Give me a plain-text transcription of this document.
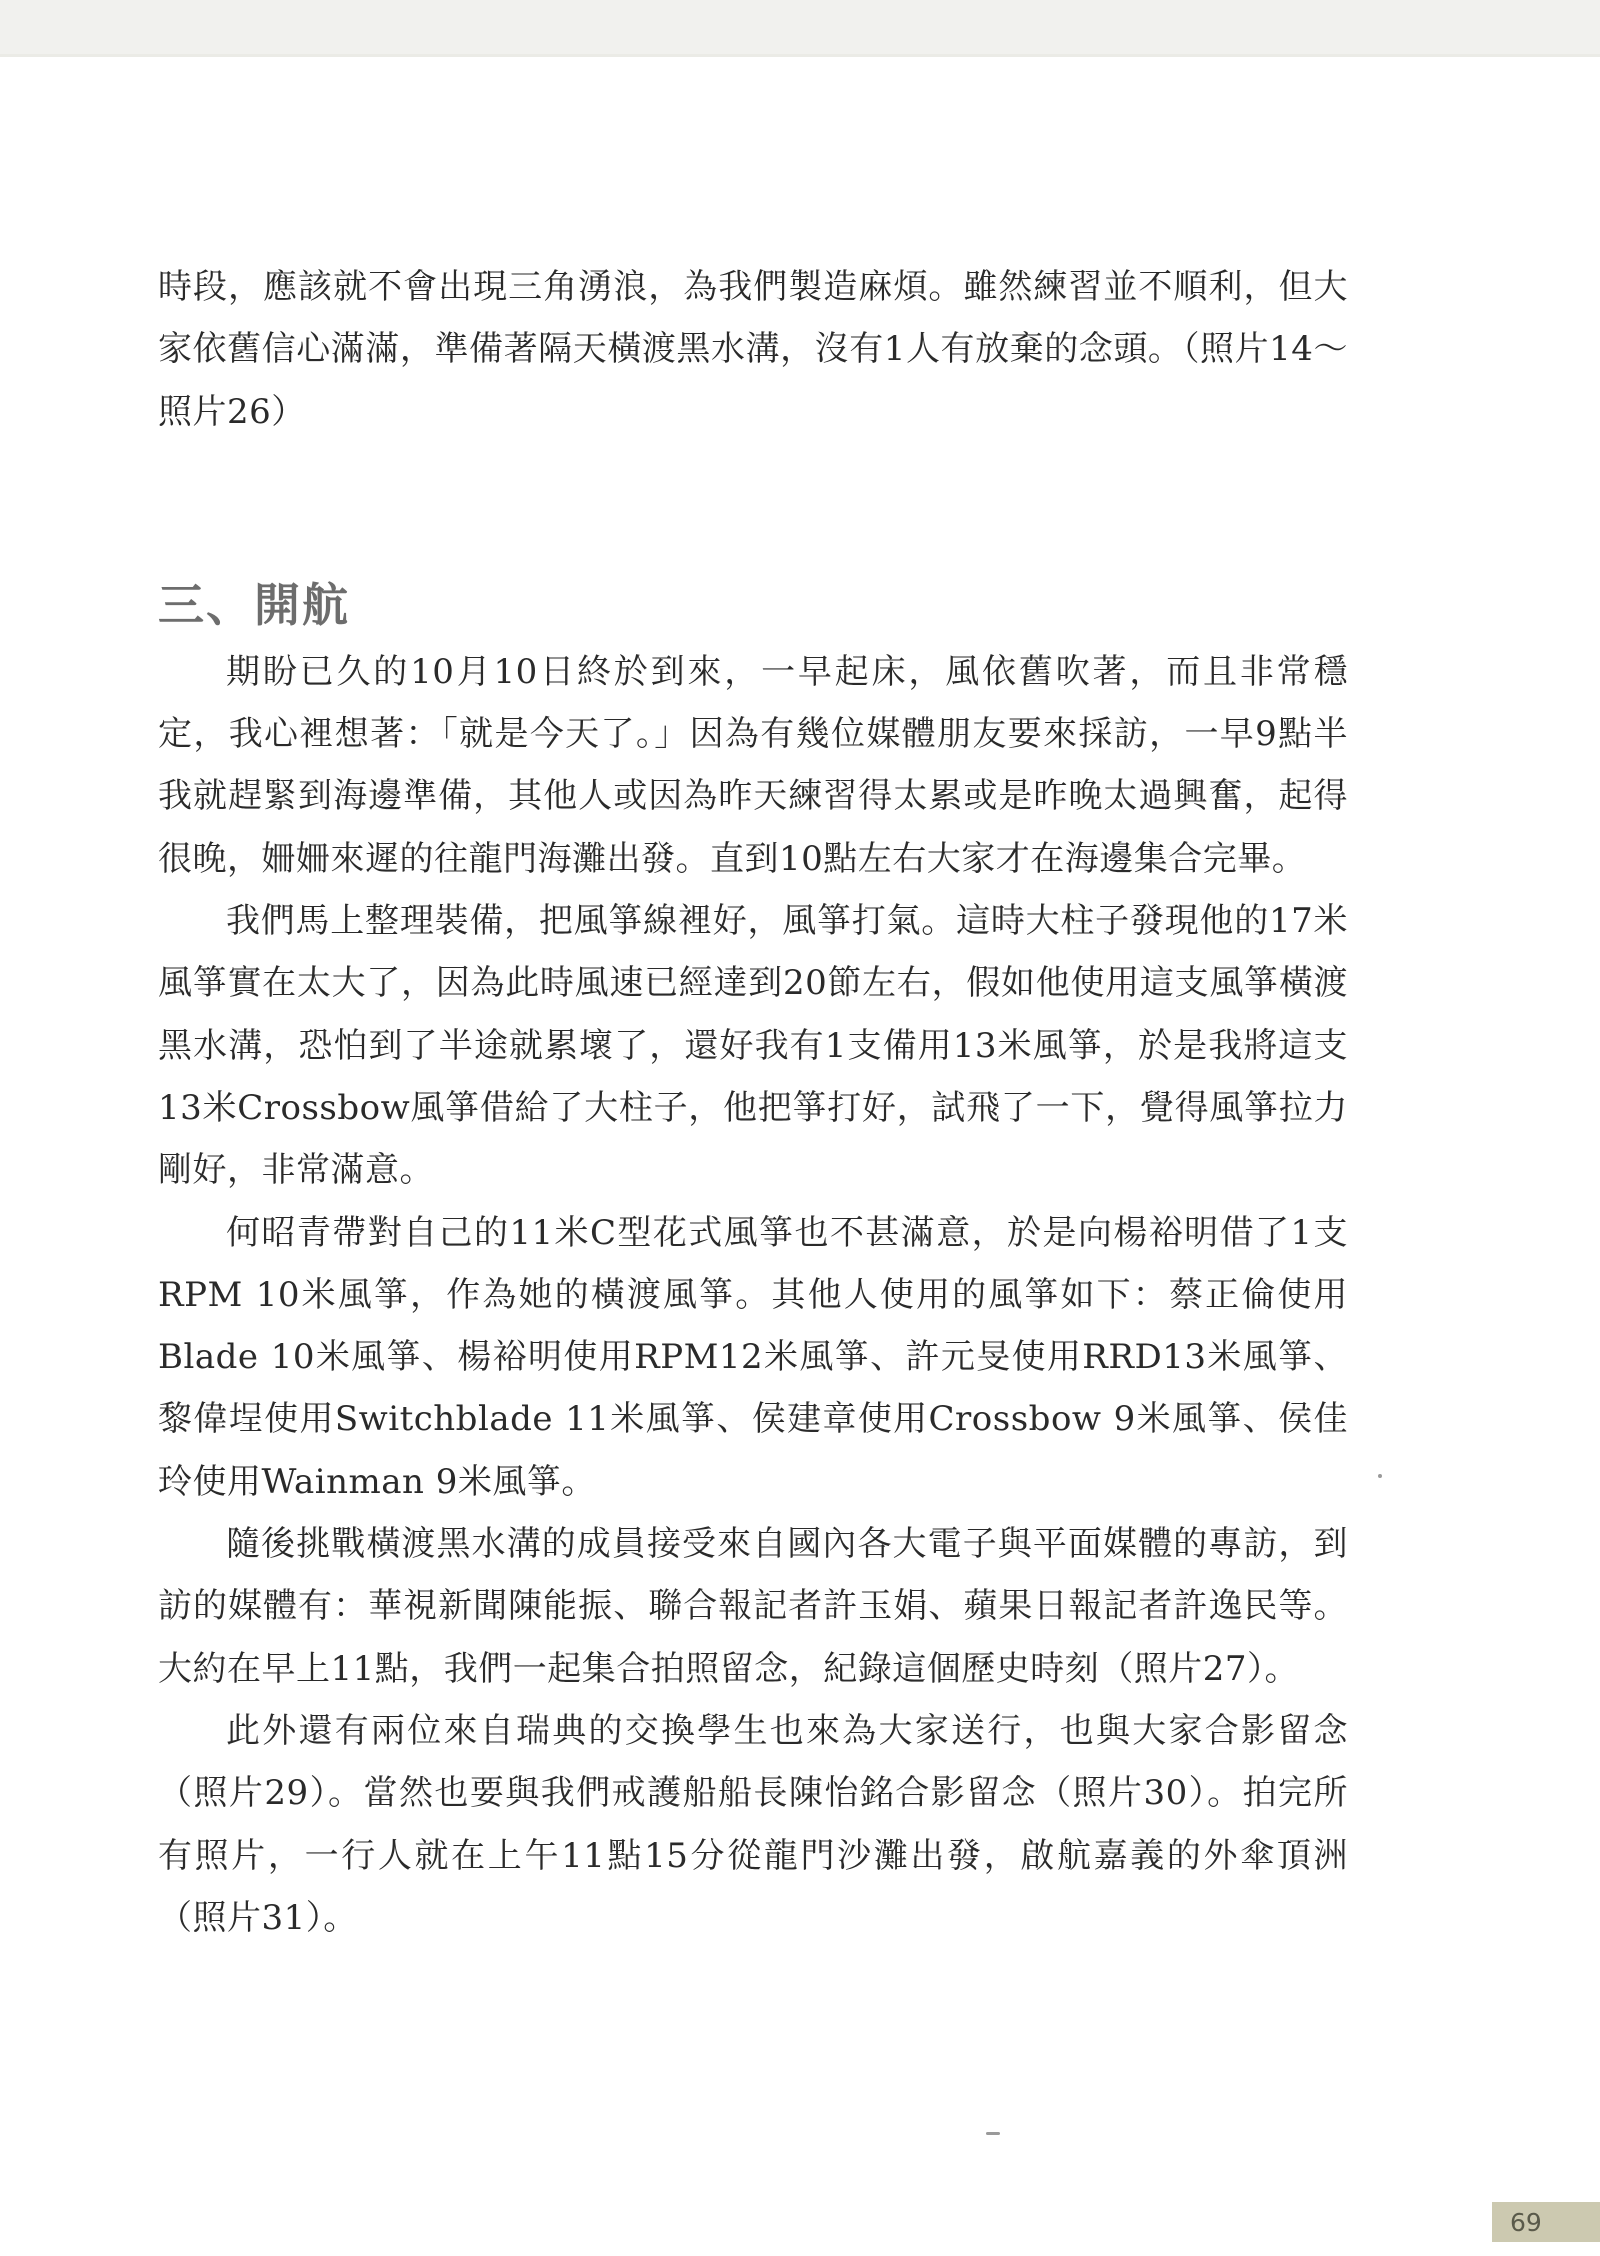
時段，應該就不會出現三角湧浪，為我們製造麻煩。雖然練習並不順利，但大家依舊信心滿滿，準備著隔天橫渡黑水溝，沒有1人有放棄的念頭。（照片14～照片26）

三、開航

期盼已久的10月10日終於到來，一早起床，風依舊吹著，而且非常穩定，我心裡想著：「就是今天了。」因為有幾位媒體朋友要來採訪，一早9點半我就趕緊到海邊準備，其他人或因為昨天練習得太累或是昨晚太過興奮，起得很晚，姍姍來遲的往龍門海灘出發。直到10點左右大家才在海邊集合完畢。

我們馬上整理裝備，把風箏線裡好，風箏打氣。這時大柱子發現他的17米風箏實在太大了，因為此時風速已經達到20節左右，假如他使用這支風箏橫渡黑水溝，恐怕到了半途就累壞了，還好我有1支備用13米風箏，於是我將這支13米Crossbow風箏借給了大柱子，他把箏打好，試飛了一下，覺得風箏拉力剛好，非常滿意。

何昭青帶對自己的11米C型花式風箏也不甚滿意，於是向楊裕明借了1支RPM 10米風箏，作為她的橫渡風箏。其他人使用的風箏如下：蔡正倫使用Blade 10米風箏、楊裕明使用RPM12米風箏、許元旻使用RRD13米風箏、黎偉埕使用Switchblade 11米風箏、侯建章使用Crossbow 9米風箏、侯佳玲使用Wainman 9米風箏。

隨後挑戰橫渡黑水溝的成員接受來自國內各大電子與平面媒體的專訪，到訪的媒體有：華視新聞陳能振、聯合報記者許玉娟、蘋果日報記者許逸民等。大約在早上11點，我們一起集合拍照留念，紀錄這個歷史時刻（照片27）。

此外還有兩位來自瑞典的交換學生也來為大家送行，也與大家合影留念（照片29）。當然也要與我們戒護船船長陳怡銘合影留念（照片30）。拍完所有照片，一行人就在上午11點15分從龍門沙灘出發，啟航嘉義的外傘頂洲（照片31）。

69
